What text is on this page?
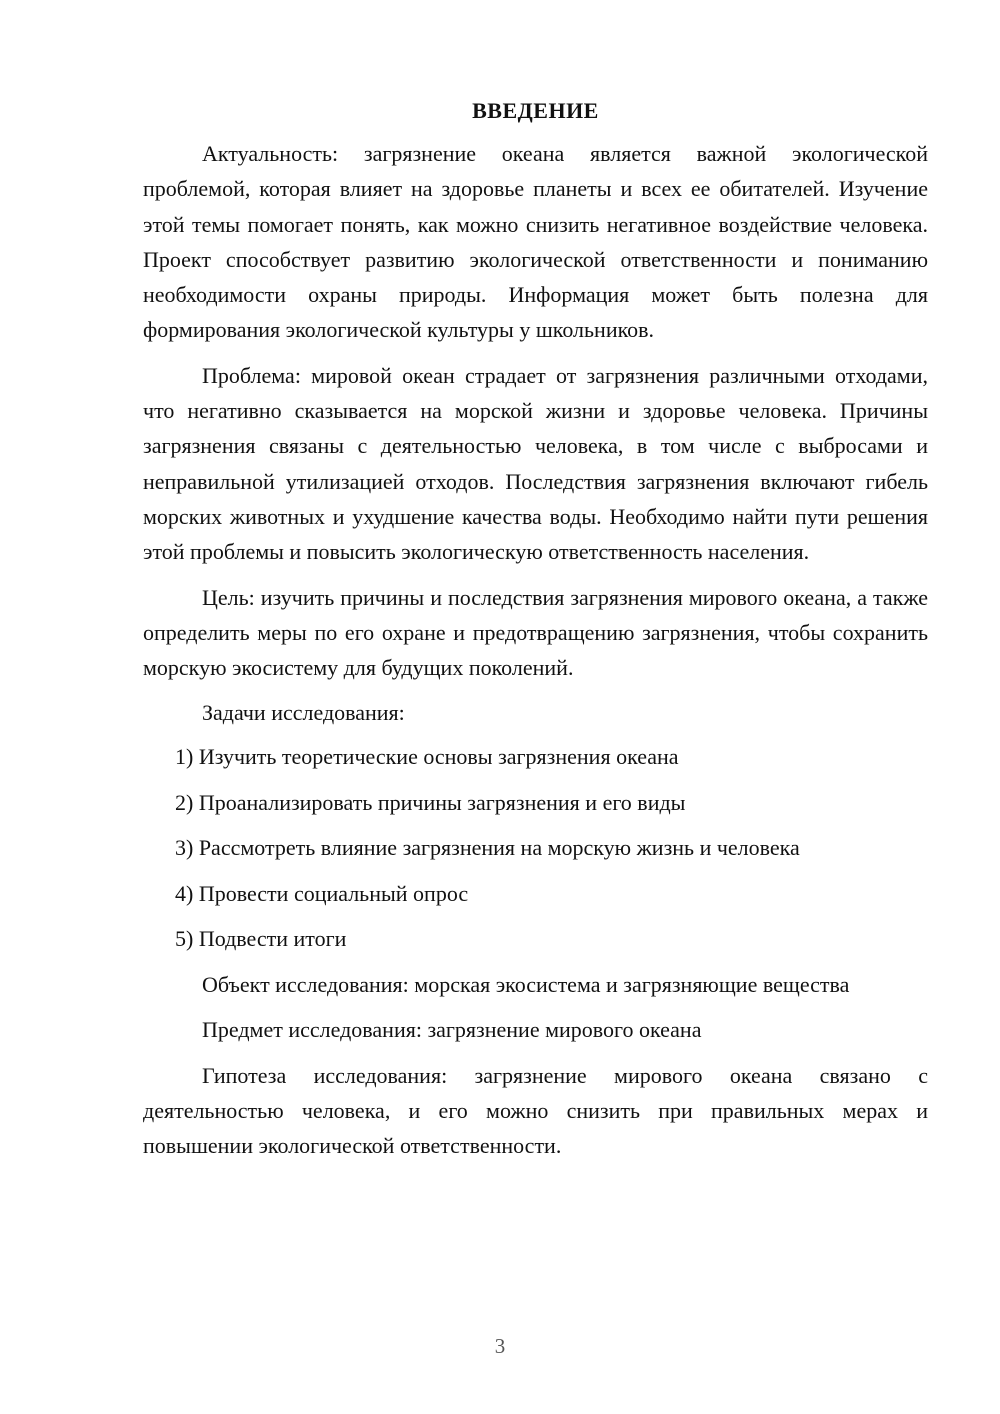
ВВЕДЕНИЕ

Актуальность: загрязнение океана является важной экологической проблемой, которая влияет на здоровье планеты и всех ее обитателей. Изучение этой темы помогает понять, как можно снизить негативное воздействие человека. Проект способствует развитию экологической ответственности и пониманию необходимости охраны природы. Информация может быть полезна для формирования экологической культуры у школьников.

Проблема: мировой океан страдает от загрязнения различными отходами, что негативно сказывается на морской жизни и здоровье человека. Причины загрязнения связаны с деятельностью человека, в том числе с выбросами и неправильной утилизацией отходов. Последствия загрязнения включают гибель морских животных и ухудшение качества воды. Необходимо найти пути решения этой проблемы и повысить экологическую ответственность населения.

Цель: изучить причины и последствия загрязнения мирового океана, а также определить меры по его охране и предотвращению загрязнения, чтобы сохранить морскую экосистему для будущих поколений.

Задачи исследования:

1) Изучить теоретические основы загрязнения океана
2) Проанализировать причины загрязнения и его виды
3) Рассмотреть влияние загрязнения на морскую жизнь и человека
4) Провести социальный опрос
5) Подвести итоги

Объект исследования: морская экосистема и загрязняющие вещества

Предмет исследования: загрязнение мирового океана

Гипотеза исследования: загрязнение мирового океана связано с деятельностью человека, и его можно снизить при правильных мерах и повышении экологической ответственности.

3
